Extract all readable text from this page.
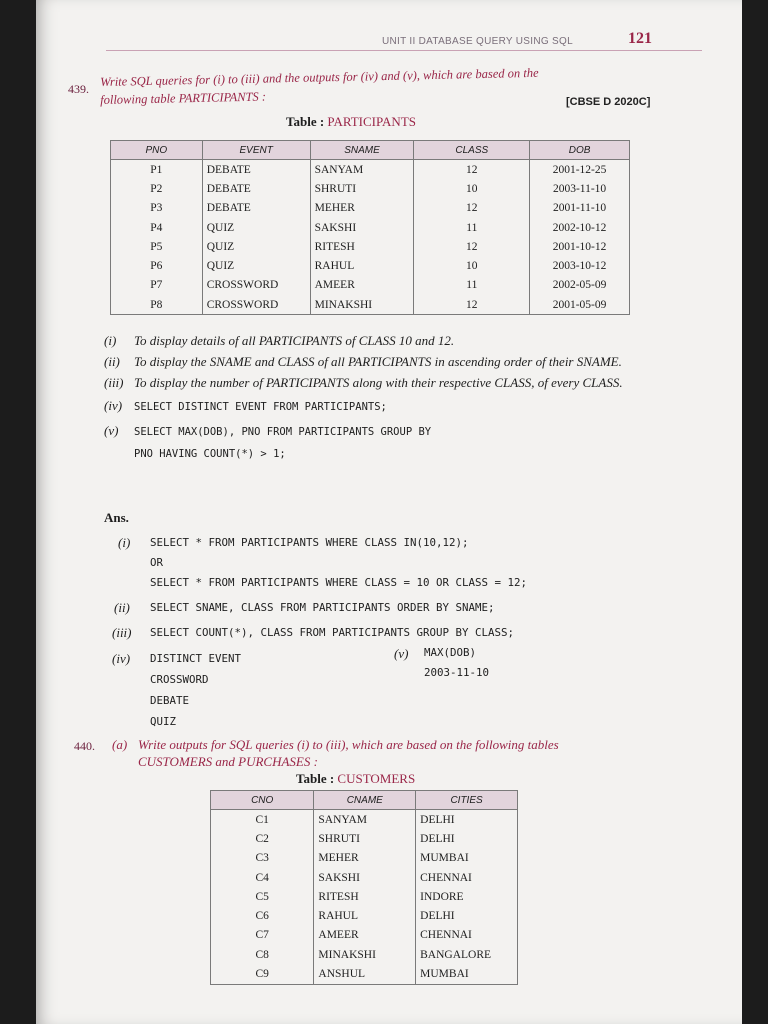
UNIT II DATABASE QUERY USING SQL	121
439.
Write SQL queries for (i) to (iii) and the outputs for (iv) and (v), which are based on the
following table PARTICIPANTS :	[CBSE D 2020C]
Table : PARTICIPANTS
PNO	EVENT	SNAME	CLASS	DOB
P1	DEBATE	SANYAM	12	2001-12-25
P2	DEBATE	SHRUTI	10	2003-11-10
P3	DEBATE	MEHER	12	2001-11-10
P4	QUIZ	SAKSHI	11	2002-10-12
P5	QUIZ	RITESH	12	2001-10-12
P6	QUIZ	RAHUL	10	2003-10-12
P7	CROSSWORD	AMEER	11	2002-05-09
P8	CROSSWORD	MINAKSHI	12	2001-05-09
(i) To display details of all PARTICIPANTS of CLASS 10 and 12.
(ii) To display the SNAME and CLASS of all PARTICIPANTS in ascending order of their SNAME.
(iii) To display the number of PARTICIPANTS along with their respective CLASS, of every CLASS.
(iv) SELECT DISTINCT EVENT FROM PARTICIPANTS;
(v) SELECT MAX(DOB), PNO FROM PARTICIPANTS GROUP BY
PNO HAVING COUNT(*) > 1;
Ans.
(i) SELECT * FROM PARTICIPANTS WHERE CLASS IN(10,12);
OR
SELECT * FROM PARTICIPANTS WHERE CLASS = 10 OR CLASS = 12;
(ii) SELECT SNAME, CLASS FROM PARTICIPANTS ORDER BY SNAME;
(iii) SELECT COUNT(*), CLASS FROM PARTICIPANTS GROUP BY CLASS;
(iv) DISTINCT EVENT
CROSSWORD
DEBATE
QUIZ
(v) MAX(DOB)
2003-11-10
440. (a) Write outputs for SQL queries (i) to (iii), which are based on the following tables
CUSTOMERS and PURCHASES :
Table : CUSTOMERS
CNO	CNAME	CITIES
C1	SANYAM	DELHI
C2	SHRUTI	DELHI
C3	MEHER	MUMBAI
C4	SAKSHI	CHENNAI
C5	RITESH	INDORE
C6	RAHUL	DELHI
C7	AMEER	CHENNAI
C8	MINAKSHI	BANGALORE
C9	ANSHUL	MUMBAI
